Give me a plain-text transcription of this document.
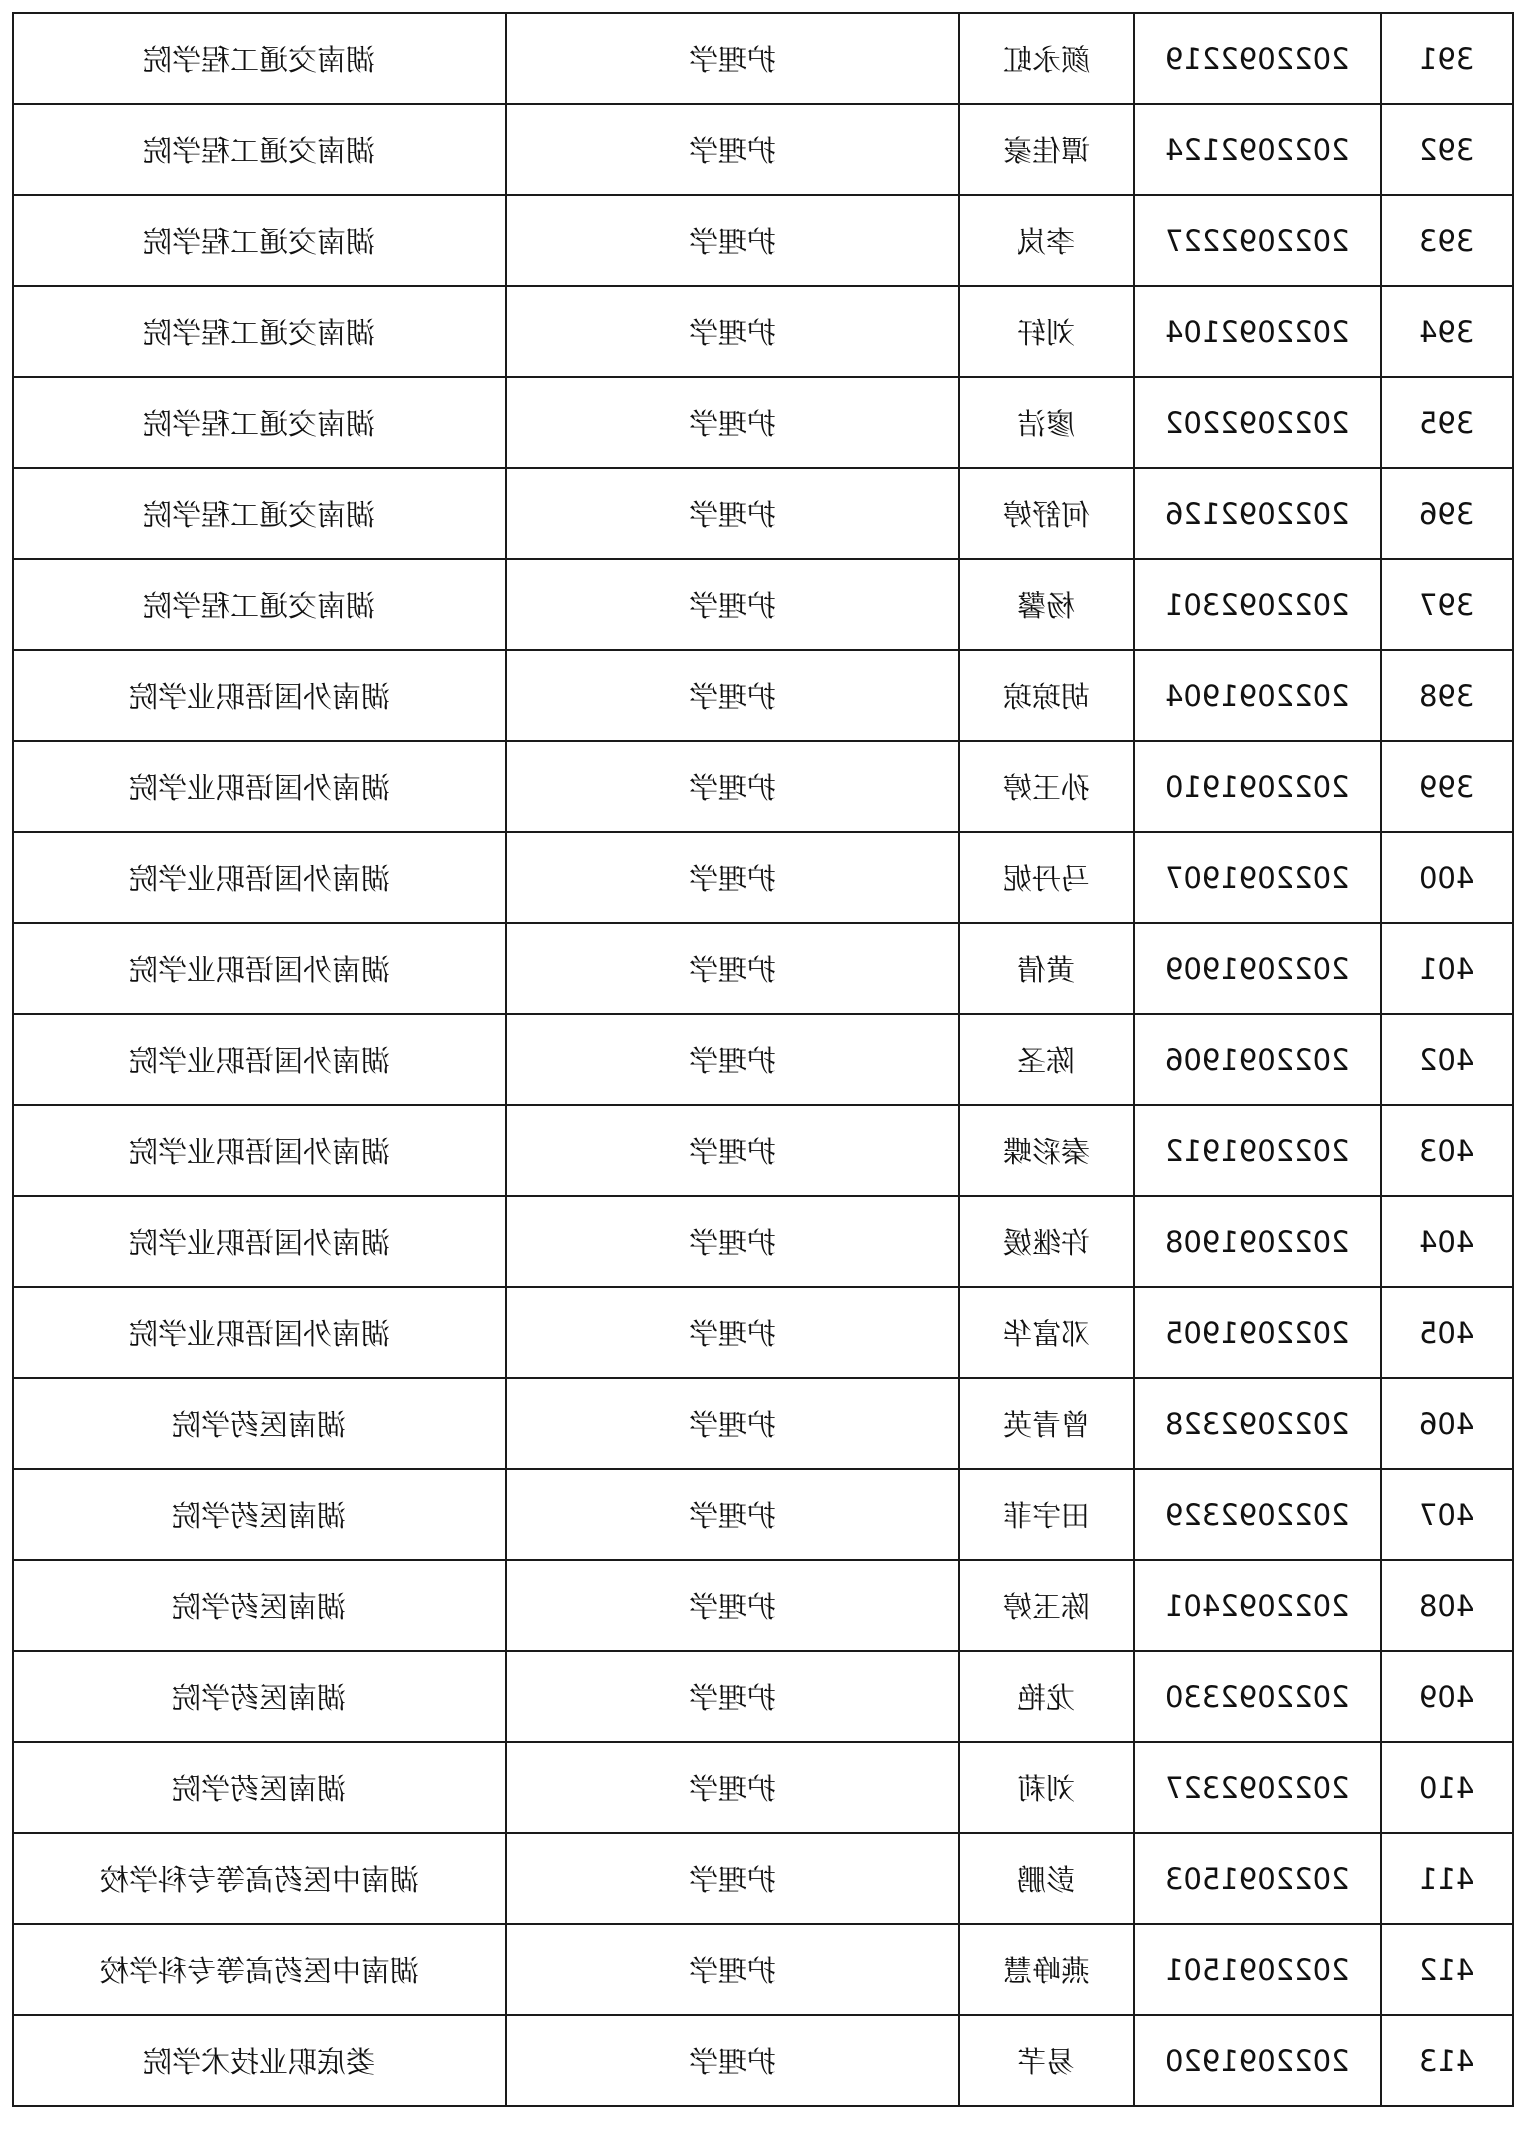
湖南交通工程学院	护理学	颜永虹	2022092219	391
湖南交通工程学院	护理学	谭佳豪	2022092124	392
湖南交通工程学院	护理学	李岚	2022092227	393
湖南交通工程学院	护理学	刘轩	2022092104	394
湖南交通工程学院	护理学	廖洁	2022092202	395
湖南交通工程学院	护理学	何舒婷	2022092126	396
湖南交通工程学院	护理学	杨馨	2022092301	397
湖南外国语职业学院	护理学	胡琼琼	2022091904	398
湖南外国语职业学院	护理学	孙王婷	2022091910	399
湖南外国语职业学院	护理学	马丹妮	2022091907	400
湖南外国语职业学院	护理学	黄倩	2022091909	401
湖南外国语职业学院	护理学	陈圣	2022091906	402
湖南外国语职业学院	护理学	秦彩蝶	2022091912	403
湖南外国语职业学院	护理学	许继媛	2022091908	404
湖南外国语职业学院	护理学	邓富华	2022091905	405
湖南医药学院	护理学	曾青英	2022092328	406
湖南医药学院	护理学	田宇菲	2022092329	407
湖南医药学院	护理学	陈玉婷	2022092401	408
湖南医药学院	护理学	龙艳	2022092330	409
湖南医药学院	护理学	刘莉	2022092327	410
湖南中医药高等专科学校	护理学	彭鹏	2022091503	411
湖南中医药高等专科学校	护理学	燕峥慧	2022091501	412
娄底职业技术学院	护理学	易芊	2022091920	413
